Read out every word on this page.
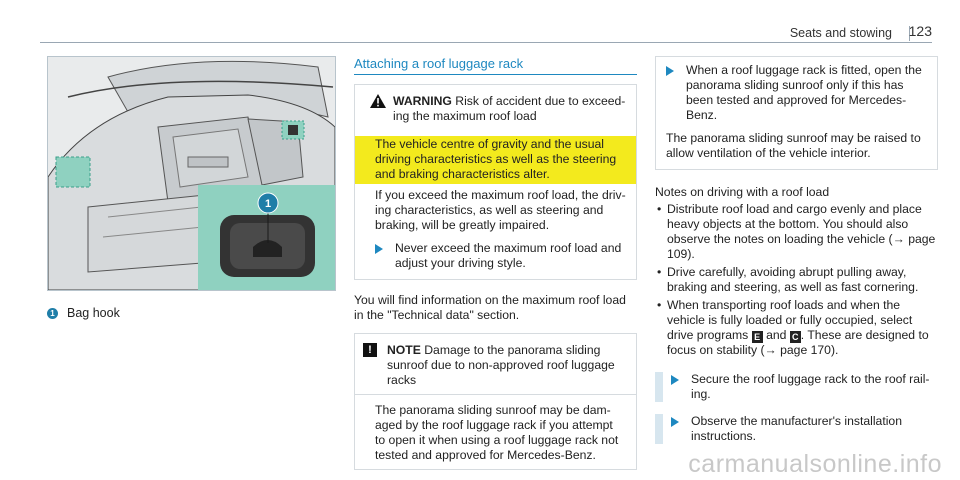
Seats and stowing 123
1
1 Bag hook
Attaching a roof luggage rack
WARNING Risk of accident due to exceed-
ing the maximum roof load
The vehicle centre of gravity and the usual driving characteristics as well as the steering and braking characteristics alter.
If you exceed the maximum roof load, the driv-
ing characteristics, as well as steering and braking, will be greatly impaired.
Never exceed the maximum roof load and adjust your driving style.
You will find information on the maximum roof load in the "Technical data" section.
!	NOTE Damage to the panorama sliding sunroof due to non-approved roof luggage racks
The panorama sliding sunroof may be dam-
aged by the roof luggage rack if you attempt to open it when using a roof luggage rack not tested and approved for Mercedes-Benz.
When a roof luggage rack is fitted, open the panorama sliding sunroof only if this has been tested and approved for Mercedes-Benz.
The panorama sliding sunroof may be raised to allow ventilation of the vehicle interior.
Notes on driving with a roof load
• Distribute roof load and cargo evenly and place heavy objects at the bottom. You should also observe the notes on loading the vehicle (→ page 109).
• Drive carefully, avoiding abrupt pulling away, braking and steering, as well as fast cornering.
• When transporting roof loads and when the vehicle is fully loaded or fully occupied, select drive programs E and C . These are designed to focus on stability (→ page 170).
Secure the roof luggage rack to the roof rail-
ing.
Observe the manufacturer's installation instructions.
carmanualsonline.info
